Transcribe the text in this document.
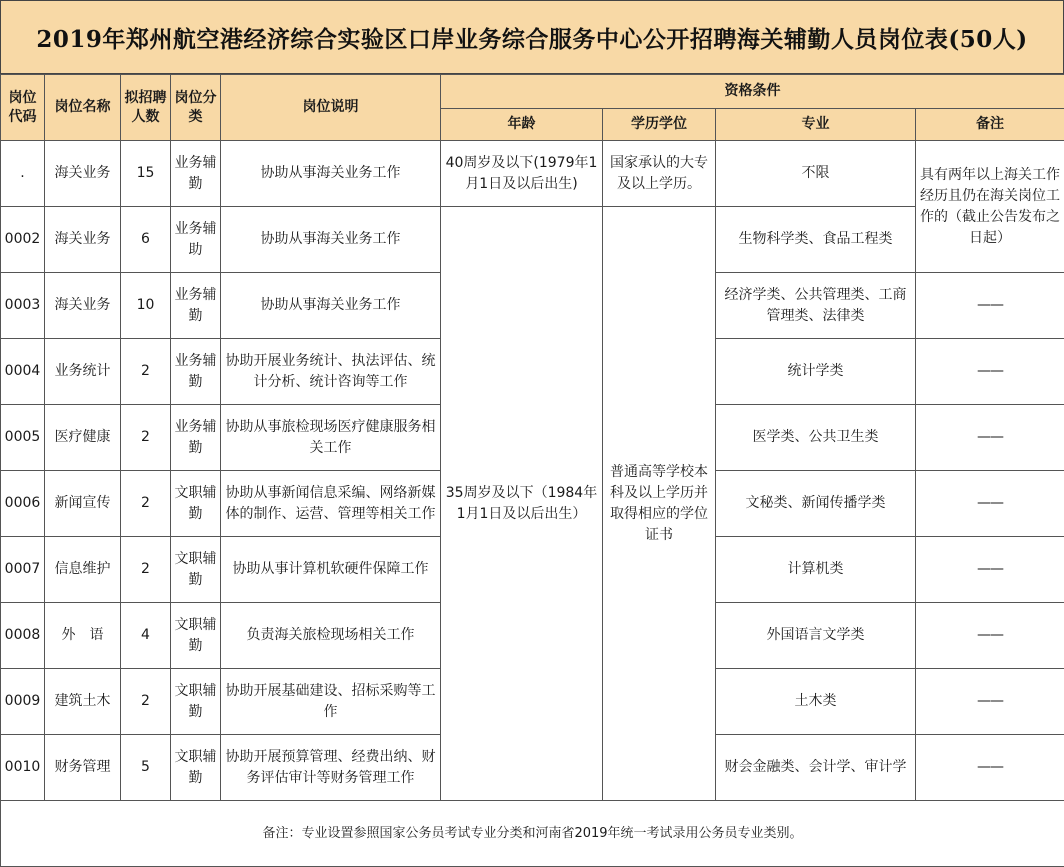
2019年郑州航空港经济综合实验区口岸业务综合服务中心公开招聘海关辅勤人员岗位表(50人)
岗位代码	岗位名称	拟招聘人数	岗位分类	岗位说明	资格条件			
					年龄	学历学位	专业	备注
.	海关业务	15	业务辅勤	协助从事海关业务工作	40周岁及以下(1979年1月1日及以后出生)	国家承认的大专及以上学历。	不限	具有两年以上海关工作经历且仍在海关岗位工作的（截止公告发布之日起）
0002	海关业务	6	业务辅助	协助从事海关业务工作	35周岁及以下（1984年1月1日及以后出生）	普通高等学校本科及以上学历并取得相应的学位证书	生物科学类、食品工程类	
0003	海关业务	10	业务辅勤	协助从事海关业务工作			经济学类、公共管理类、工商管理类、法律类	——
0004	业务统计	2	业务辅勤	协助开展业务统计、执法评估、统计分析、统计咨询等工作			统计学类	——
0005	医疗健康	2	业务辅勤	协助从事旅检现场医疗健康服务相关工作			医学类、公共卫生类	——
0006	新闻宣传	2	文职辅勤	协助从事新闻信息采编、网络新媒体的制作、运营、管理等相关工作			文秘类、新闻传播学类	——
0007	信息维护	2	文职辅勤	协助从事计算机软硬件保障工作			计算机类	——
0008	外　语	4	文职辅勤	负责海关旅检现场相关工作			外国语言文学类	——
0009	建筑土木	2	文职辅勤	协助开展基础建设、招标采购等工作			土木类	——
0010	财务管理	5	文职辅勤	协助开展预算管理、经费出纳、财务评估审计等财务管理工作			财会金融类、会计学、审计学	——
备注：专业设置参照国家公务员考试专业分类和河南省2019年统一考试录用公务员专业类别。								
